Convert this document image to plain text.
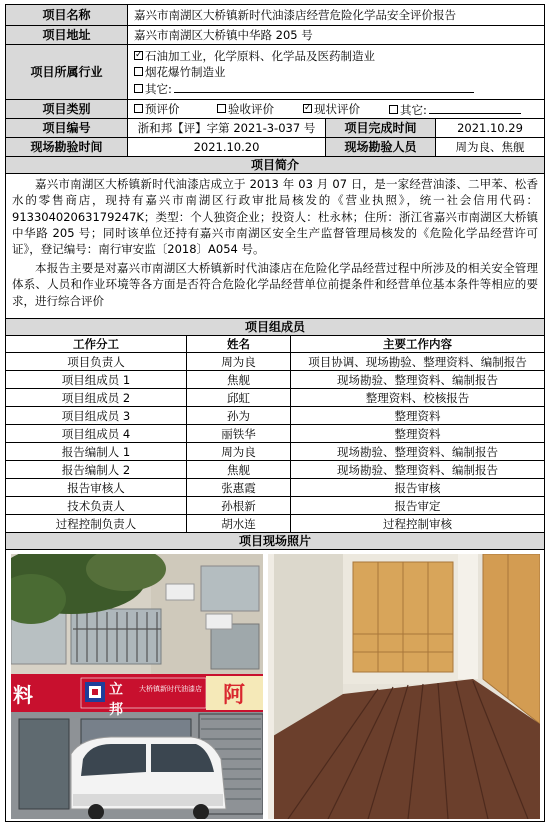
项目名称	嘉兴市南湖区大桥镇新时代油漆店经营危险化学品安全评价报告
项目地址	嘉兴市南湖区大桥镇中华路 205 号
项目所属行业
✓石油加工业，化学原料、化学品及医药制造业
烟花爆竹制造业
其它:
项目类别	预评价	验收评价
✓	现状评价	其它:
项目编号	浙和邦【评】字第 2021-3-037 号	项目完成时间	2021.10.29
现场勘验时间	2021.10.20	现场勘验人员	周为良、焦舰
项目简介
嘉兴市南湖区大桥镇新时代油漆店成立于 2013 年 03 月 07 日，是一家经营油漆、二甲苯、松香水的零售商店，现持有嘉兴市南湖区行政审批局核发的《营业执照》，统一社会信用代码：91330402063179247K；类型：个人独资企业；投资人：杜永林；住所：浙江省嘉兴市南湖区大桥镇中华路 205 号；同时该单位还持有嘉兴市南湖区安全生产监督管理局核发的《危险化学品经营许可证》，登记编号：南行审安监〔2018〕A054 号。
本报告主要是对嘉兴市南湖区大桥镇新时代油漆店在危险化学品经营过程中所涉及的相关安全管理体系、人员和作业环境等各方面是否符合危险化学品经营单位前提条件和经营单位基本条件等相应的要求，进行综合评价
项目组成员
工作分工	姓名	主要工作内容
项目负责人	周为良	项目协调、现场勘验、整理资料、编制报告
项目组成员 1	焦舰	现场勘验、整理资料、编制报告
项目组成员 2	邱虹	整理资料、校核报告
项目组成员 3	孙为	整理资料
项目组成员 4	丽铁华	整理资料
报告编制人 1	周为良	现场勘验、整理资料、编制报告
报告编制人 2	焦舰	现场勘验、整理资料、编制报告
报告审核人	张惠霞	报告审核
技术负责人	孙根新	报告审定
过程控制负责人	胡水连	过程控制审核
项目现场照片
立邦
大桥镇新时代油漆店
料	阿
